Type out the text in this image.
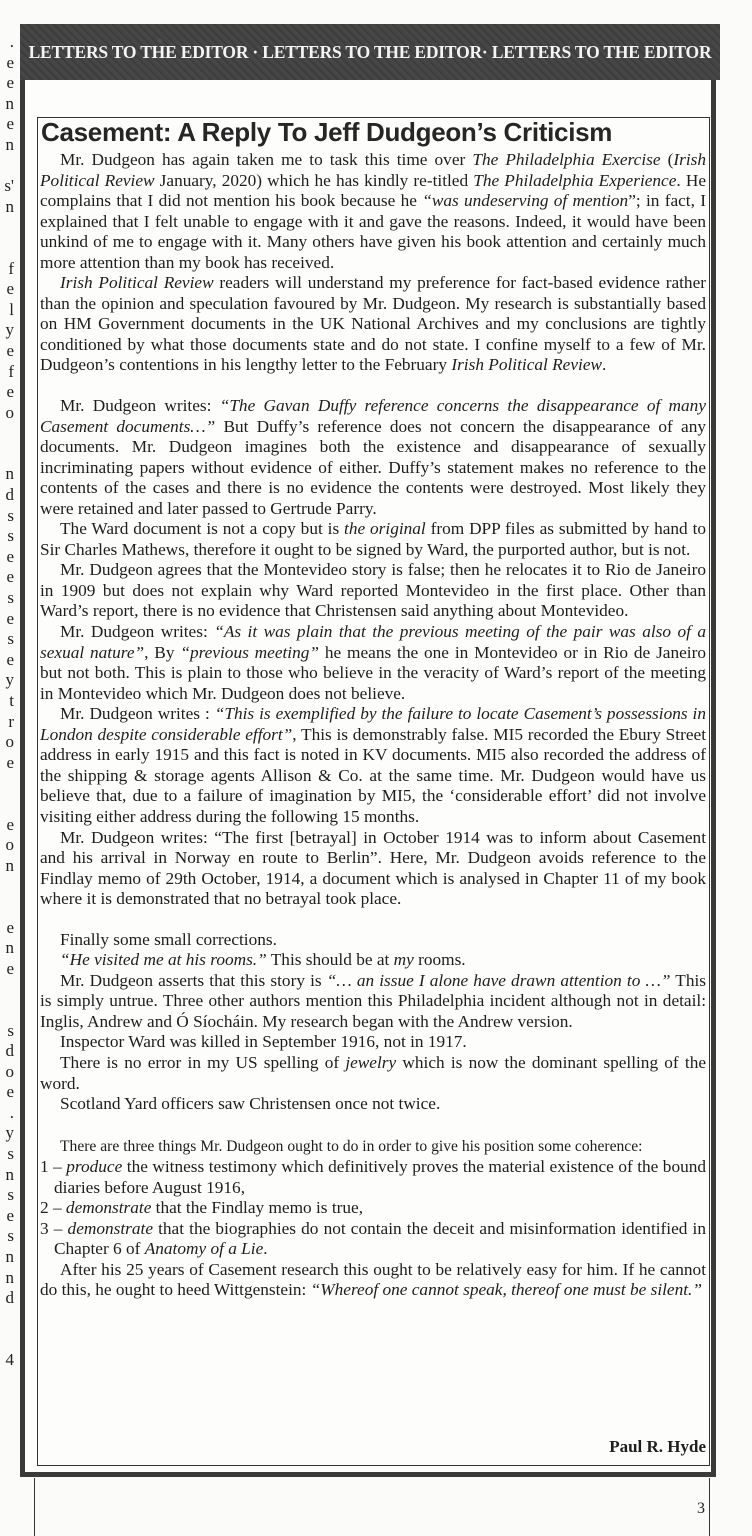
.
e
e
n
e
n
s'
n
f
e
l
y
e
f
e
o
n
d
s
s
e
e
s
e
s
e
y
t
r
o
e
e
o
n
e
n
e
s
d
o
e
.
y
s
n
s
e
s
n
n
d
4
LETTERS TO THE EDITOR · LETTERS TO THE EDITOR· LETTERS TO THE EDITOR
Casement: A Reply To Jeff Dudgeon’s Criticism

Mr. Dudgeon has again taken me to task this time over The Philadelphia Exercise (Irish Political Review January, 2020) which he has kindly re-titled The Philadelphia Experience. He complains that I did not mention his book because he “was undeserving of mention”; in fact, I explained that I felt unable to engage with it and gave the reasons. Indeed, it would have been unkind of me to engage with it. Many others have given his book attention and certainly much more attention than my book has received.

Irish Political Review readers will understand my preference for fact-based evidence rather than the opinion and speculation favoured by Mr. Dudgeon. My research is substantially based on HM Government documents in the UK National Archives and my conclusions are tightly conditioned by what those documents state and do not state. I confine myself to a few of Mr. Dudgeon’s contentions in his lengthy letter to the February Irish Political Review.

Mr. Dudgeon writes: “The Gavan Duffy reference concerns the disappearance of many Casement documents…” But Duffy’s reference does not concern the disappearance of any documents. Mr. Dudgeon imagines both the existence and disappearance of sexually incriminating papers without evidence of either. Duffy’s statement makes no reference to the contents of the cases and there is no evidence the contents were destroyed. Most likely they were retained and later passed to Gertrude Parry.

The Ward document is not a copy but is the original from DPP files as submitted by hand to Sir Charles Mathews, therefore it ought to be signed by Ward, the purported author, but is not.

Mr. Dudgeon agrees that the Montevideo story is false; then he relocates it to Rio de Janeiro in 1909 but does not explain why Ward reported Montevideo in the first place. Other than Ward’s report, there is no evidence that Christensen said anything about Montevideo.

Mr. Dudgeon writes: “As it was plain that the previous meeting of the pair was also of a sexual nature”, By “previous meeting” he means the one in Montevideo or in Rio de Janeiro but not both. This is plain to those who believe in the veracity of Ward’s report of the meeting in Montevideo which Mr. Dudgeon does not believe.

Mr. Dudgeon writes : “This is exemplified by the failure to locate Casement’s possessions in London despite considerable effort”, This is demonstrably false. MI5 recorded the Ebury Street address in early 1915 and this fact is noted in KV documents. MI5 also recorded the address of the shipping & storage agents Allison & Co. at the same time. Mr. Dudgeon would have us believe that, due to a failure of imagination by MI5, the ‘considerable effort’ did not involve visiting either address during the following 15 months.

Mr. Dudgeon writes: “The first [betrayal] in October 1914 was to inform about Casement and his arrival in Norway en route to Berlin”. Here, Mr. Dudgeon avoids reference to the Findlay memo of 29th October, 1914, a document which is analysed in Chapter 11 of my book where it is demonstrated that no betrayal took place.

Finally some small corrections.

“He visited me at his rooms.” This should be at my rooms.

Mr. Dudgeon asserts that this story is “… an issue I alone have drawn attention to …” This is simply untrue. Three other authors mention this Philadelphia incident although not in detail: Inglis, Andrew and Ó Síocháin. My research began with the Andrew version.

Inspector Ward was killed in September 1916, not in 1917.

There is no error in my US spelling of jewelry which is now the dominant spelling of the word.

Scotland Yard officers saw Christensen once not twice.

There are three things Mr. Dudgeon ought to do in order to give his position some coherence:

1 – produce the witness testimony which definitively proves the material existence of the bound diaries before August 1916,

2 – demonstrate that the Findlay memo is true,

3 – demonstrate that the biographies do not contain the deceit and misinformation identified in Chapter 6 of Anatomy of a Lie.

After his 25 years of Casement research this ought to be relatively easy for him. If he cannot do this, he ought to heed Wittgenstein: “Whereof one cannot speak, thereof one must be silent.”

Paul R. Hyde
3
